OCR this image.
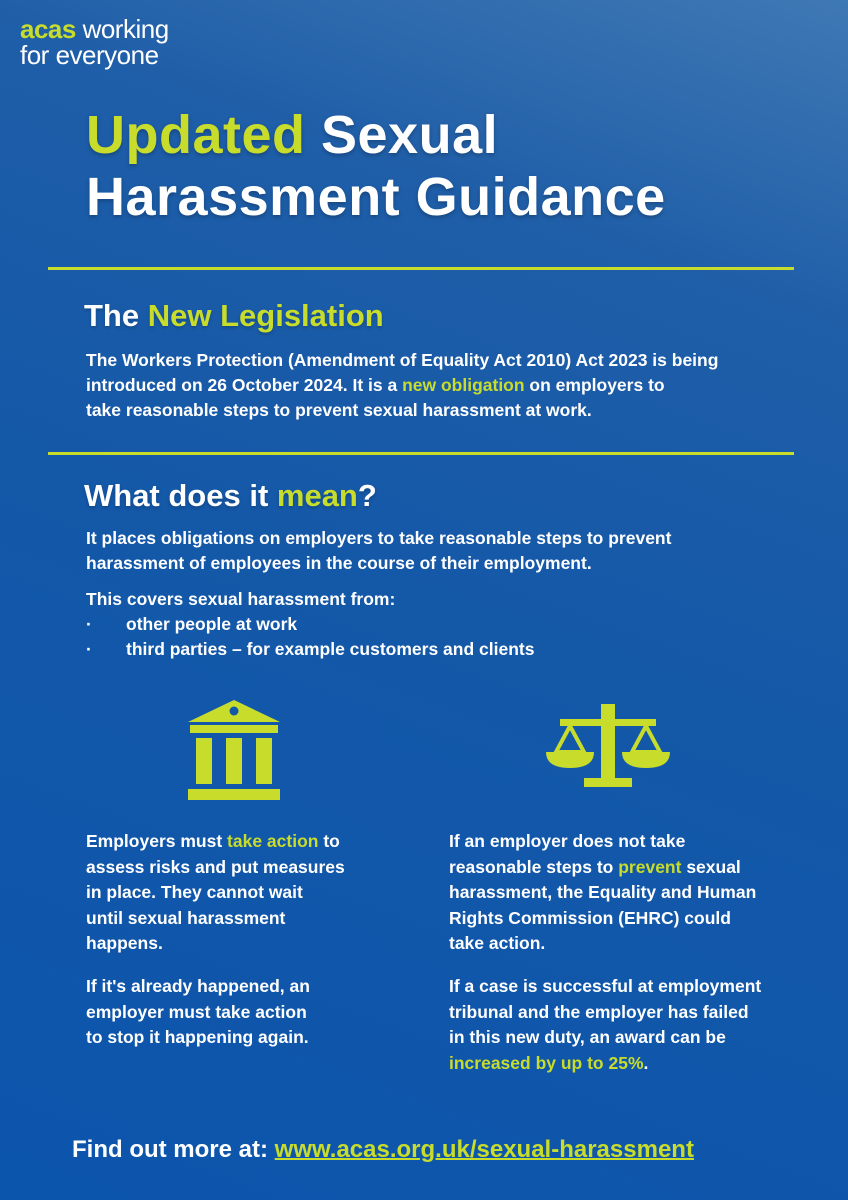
acas working
for everyone
Updated Sexual
Harassment Guidance
The New Legislation
The Workers Protection (Amendment of Equality Act 2010) Act 2023 is being
introduced on 26 October 2024. It is a new obligation on employers to
take reasonable steps to prevent sexual harassment at work.
What does it mean?
It places obligations on employers to take reasonable steps to prevent
harassment of employees in the course of their employment.
This covers sexual harassment from:
· other people at work
· third parties – for example customers and clients
Employers must take action to
assess risks and put measures
in place. They cannot wait
until sexual harassment
happens.
If it's already happened, an
employer must take action
to stop it happening again.
If an employer does not take
reasonable steps to prevent sexual
harassment, the Equality and Human
Rights Commission (EHRC) could
take action.
If a case is successful at employment
tribunal and the employer has failed
in this new duty, an award can be
increased by up to 25%.
Find out more at: www.acas.org.uk/sexual-harassment
